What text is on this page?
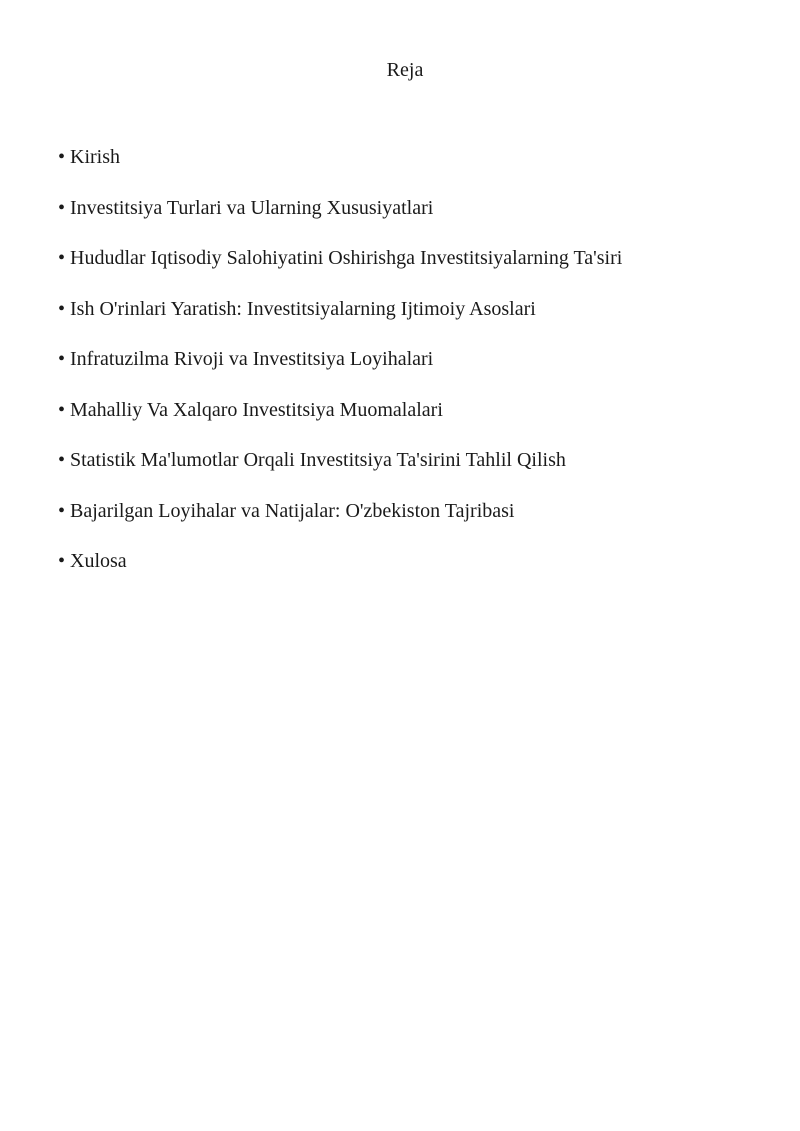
Reja
• Kirish
• Investitsiya Turlari va Ularning Xususiyatlari
• Hududlar Iqtisodiy Salohiyatini Oshirishga Investitsiyalarning Ta'siri
• Ish O'rinlari Yaratish: Investitsiyalarning Ijtimoiy Asoslari
• Infratuzilma Rivoji va Investitsiya Loyihalari
• Mahalliy Va Xalqaro Investitsiya Muomalalari
• Statistik Ma'lumotlar Orqali Investitsiya Ta'sirini Tahlil Qilish
• Bajarilgan Loyihalar va Natijalar: O'zbekiston Tajribasi
• Xulosa
